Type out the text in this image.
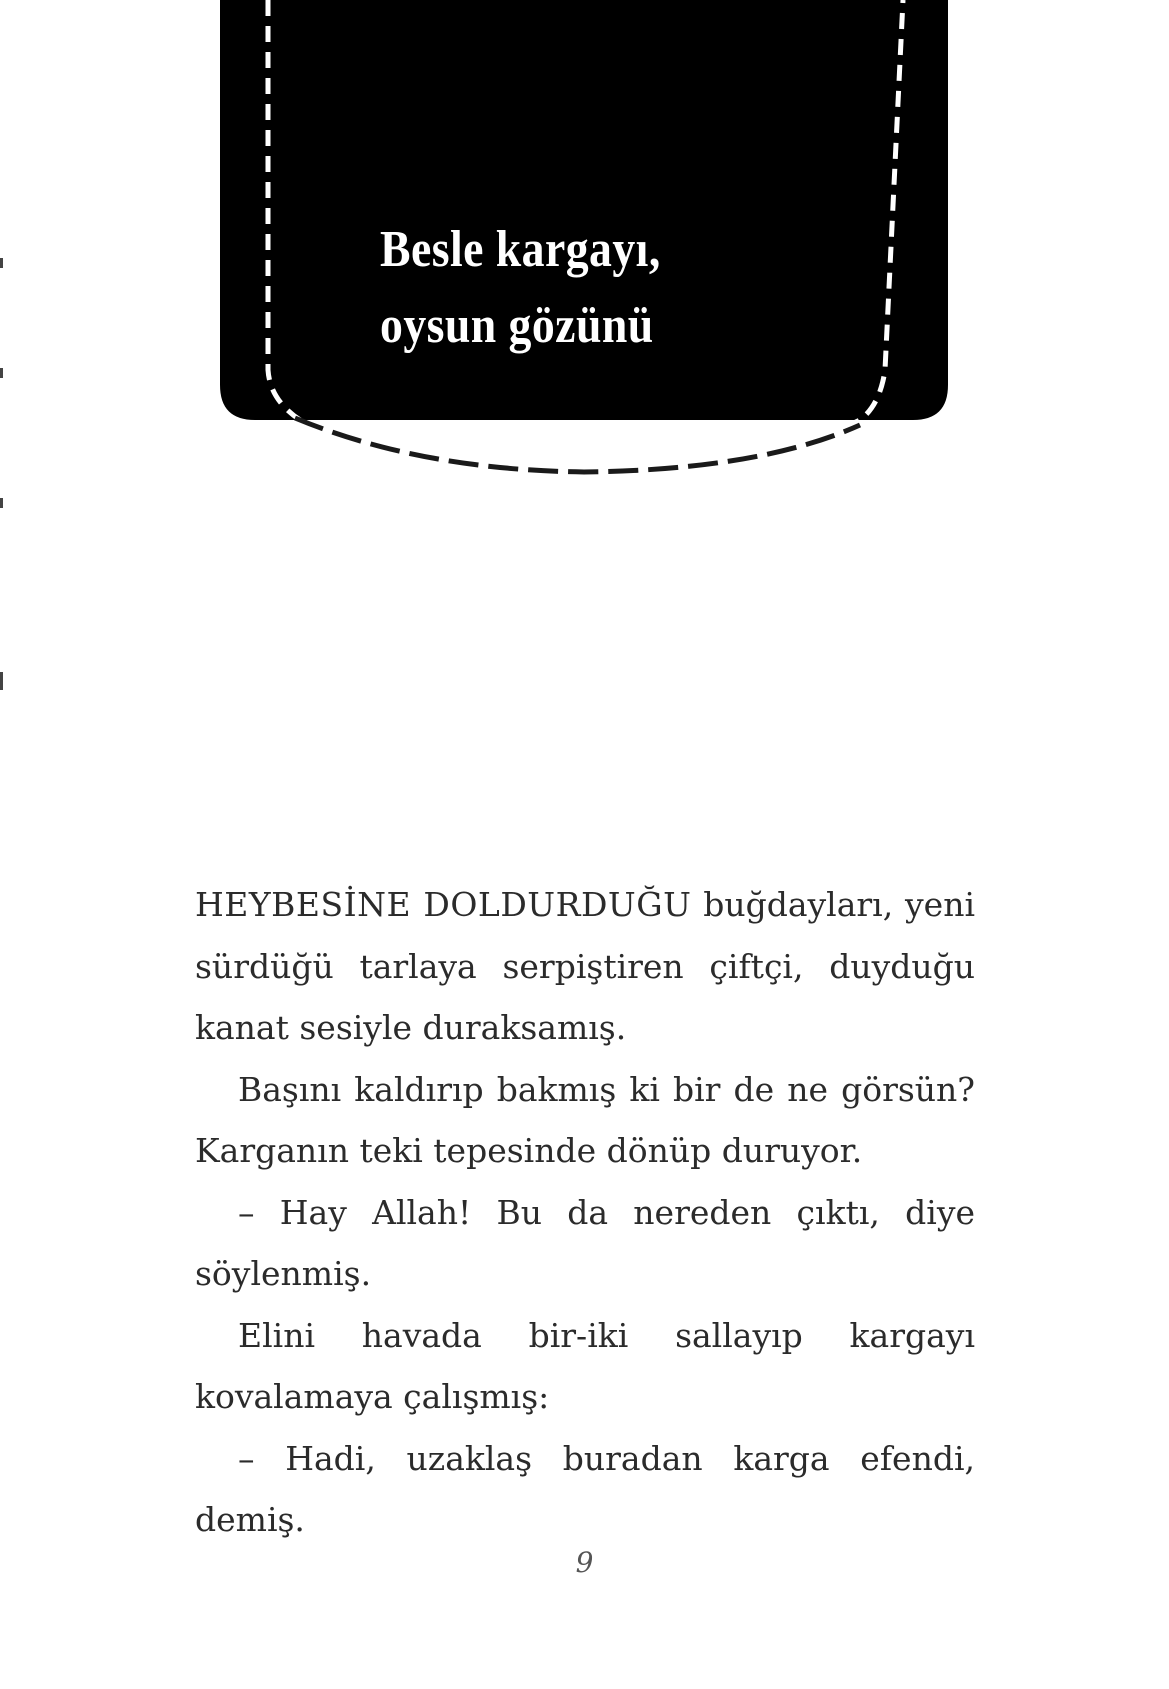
Besle kargayı,
oysun gözünü

HEYBESİNE DOLDURDUĞU buğdayları, yeni sürdüğü tarlaya serpiştiren çiftçi, duyduğu kanat sesiyle duraksamış.

Başını kaldırıp bakmış ki bir de ne görsün? Karganın teki tepesinde dönüp duruyor.

– Hay Allah! Bu da nereden çıktı, diye söylenmiş.

Elini havada bir-iki sallayıp kargayı kovalamaya çalışmış:

– Hadi, uzaklaş buradan karga efendi, demiş.

9
